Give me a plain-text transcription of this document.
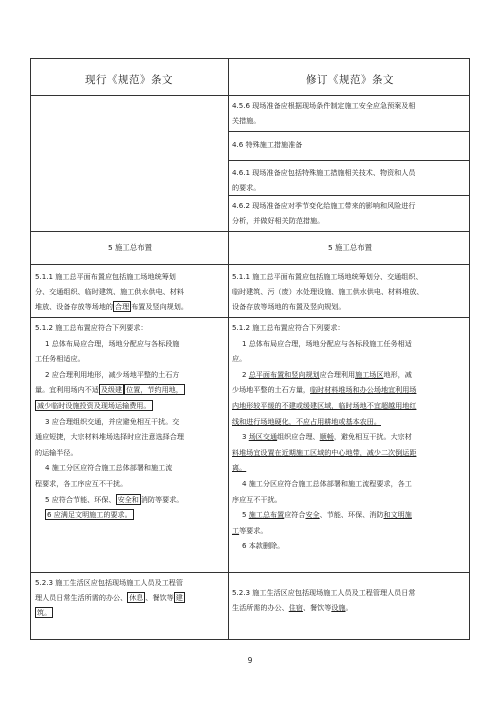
现行《规范》条文	修订《规范》条文
4.5.6 现场准备应根据现场条件制定施工安全应急预案及相
关措施。
4.6 特殊施工措施准备
4.6.1 现场准备应包括特殊施工措施相关技术、物资和人员
的要求。
4.6.2 现场准备应对季节变化给施工带来的影响和风险进行
分析，并做好相关防范措施。
5 施工总布置	5 施工总布置
5.1.1 施工总平面布置应包括施工场地统筹划
分、交通组织、临时建筑、施工供水供电、材料
堆放、设备存放等场地的 合理 布置及竖向规划。
5.1.1 施工总平面布置应包括施工场地统筹划分、交通组织、
临时建筑、污（废）水处理设施、施工供水供电、材料堆放、
设备存放等场地的布置及竖向规划。
5.1.2 施工总布置应符合下列要求：
1 总体布局应合理，场地分配应与各标段施
工任务相适应。
2 应合理利用地形，减少场地平整的土石方
量。宜利用场内不适 及级建 位置，节约用地，
减少临时设施投资及现场运输费用。
3 应合理组织交通，并应避免相互干扰。交
通应短捷，大宗材料堆场选择时应注意选择合理
的运输半径。
4 施工分区应符合施工总体部署和施工流
程要求，各工序应互不干扰。
5 应符合节能、环保、 安全和 消防等要求。
6 应满足文明施工的要求。
5.1.2 施工总布置应符合下列要求：
1 总体布局应合理，场地分配应与各标段施工任务相适
应。
2 总平面布置和竖向规划应合理利用施工场区地形，减
少场地平整的土石方量，临时材料堆场和办公场地宜利用场
内地形较平缓的不建或缓建区域，临时场地不宜超越用地红
线和进行场地硬化，不应占用耕地或基本农田。
3 场区交通组织应合理、顺畅，避免相互干扰。大宗材
料堆场宜设置在近期施工区域的中心地带，减少二次倒运距
离。
4 施工分区应符合施工总体部署和施工流程要求，各工
序应互不干扰。
5 施工总布置应符合安全、节能、环保、消防和文明施
工等要求。
6 本款删除。
5.2.3 施工生活区应包括现场施工人员及工程管
理人员日常生活所需的办公、 休息 、餐饮等 建
筑。
5.2.3 施工生活区应包括现场施工人员及工程管理人员日常
生活所需的办公、住宿、餐饮等设施。
9
